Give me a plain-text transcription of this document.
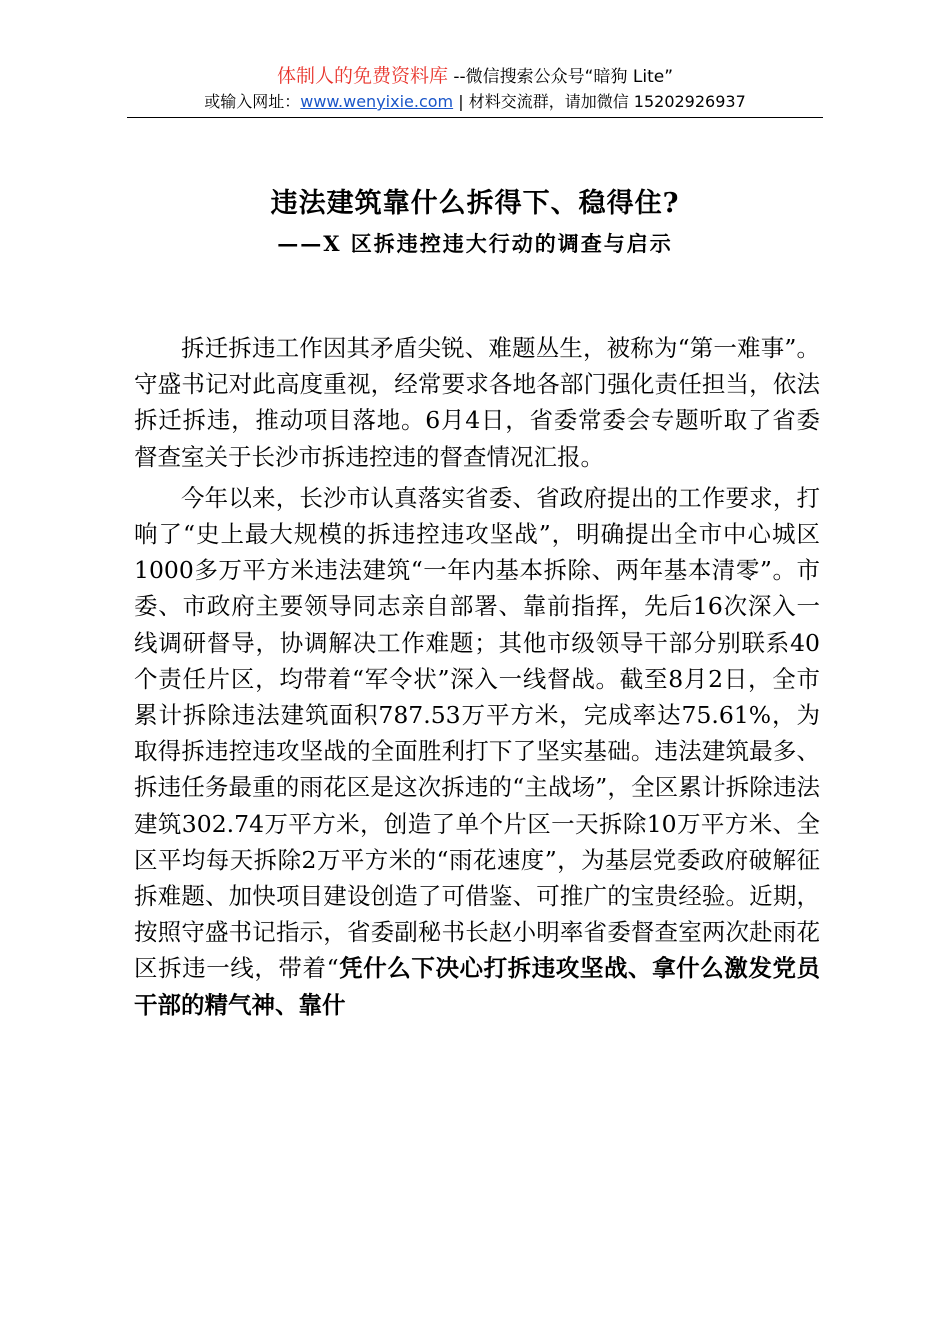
体制人的免费资料库 --微信搜索公众号“暗狗 Lite”
或输入网址：www.wenyixie.com | 材料交流群，请加微信 15202926937
违法建筑靠什么拆得下、稳得住?
——X 区拆违控违大行动的调查与启示

拆迁拆违工作因其矛盾尖锐、难题丛生，被称为“第一难事”。守盛书记对此高度重视，经常要求各地各部门强化责任担当，依法拆迁拆违，推动项目落地。6月4日，省委常委会专题听取了省委督查室关于长沙市拆违控违的督查情况汇报。

今年以来，长沙市认真落实省委、省政府提出的工作要求，打响了“史上最大规模的拆违控违攻坚战”，明确提出全市中心城区1000多万平方米违法建筑“一年内基本拆除、两年基本清零”。市委、市政府主要领导同志亲自部署、靠前指挥，先后16次深入一线调研督导，协调解决工作难题；其他市级领导干部分别联系40个责任片区，均带着“军令状”深入一线督战。截至8月2日，全市累计拆除违法建筑面积787.53万平方米，完成率达75.61%，为取得拆违控违攻坚战的全面胜利打下了坚实基础。违法建筑最多、拆违任务最重的雨花区是这次拆违的“主战场”，全区累计拆除违法建筑302.74万平方米，创造了单个片区一天拆除10万平方米、全区平均每天拆除2万平方米的“雨花速度”，为基层党委政府破解征拆难题、加快项目建设创造了可借鉴、可推广的宝贵经验。近期，按照守盛书记指示，省委副秘书长赵小明率省委督查室两次赴雨花区拆违一线，带着“凭什么下决心打拆违攻坚战、拿什么激发党员干部的精气神、靠什
